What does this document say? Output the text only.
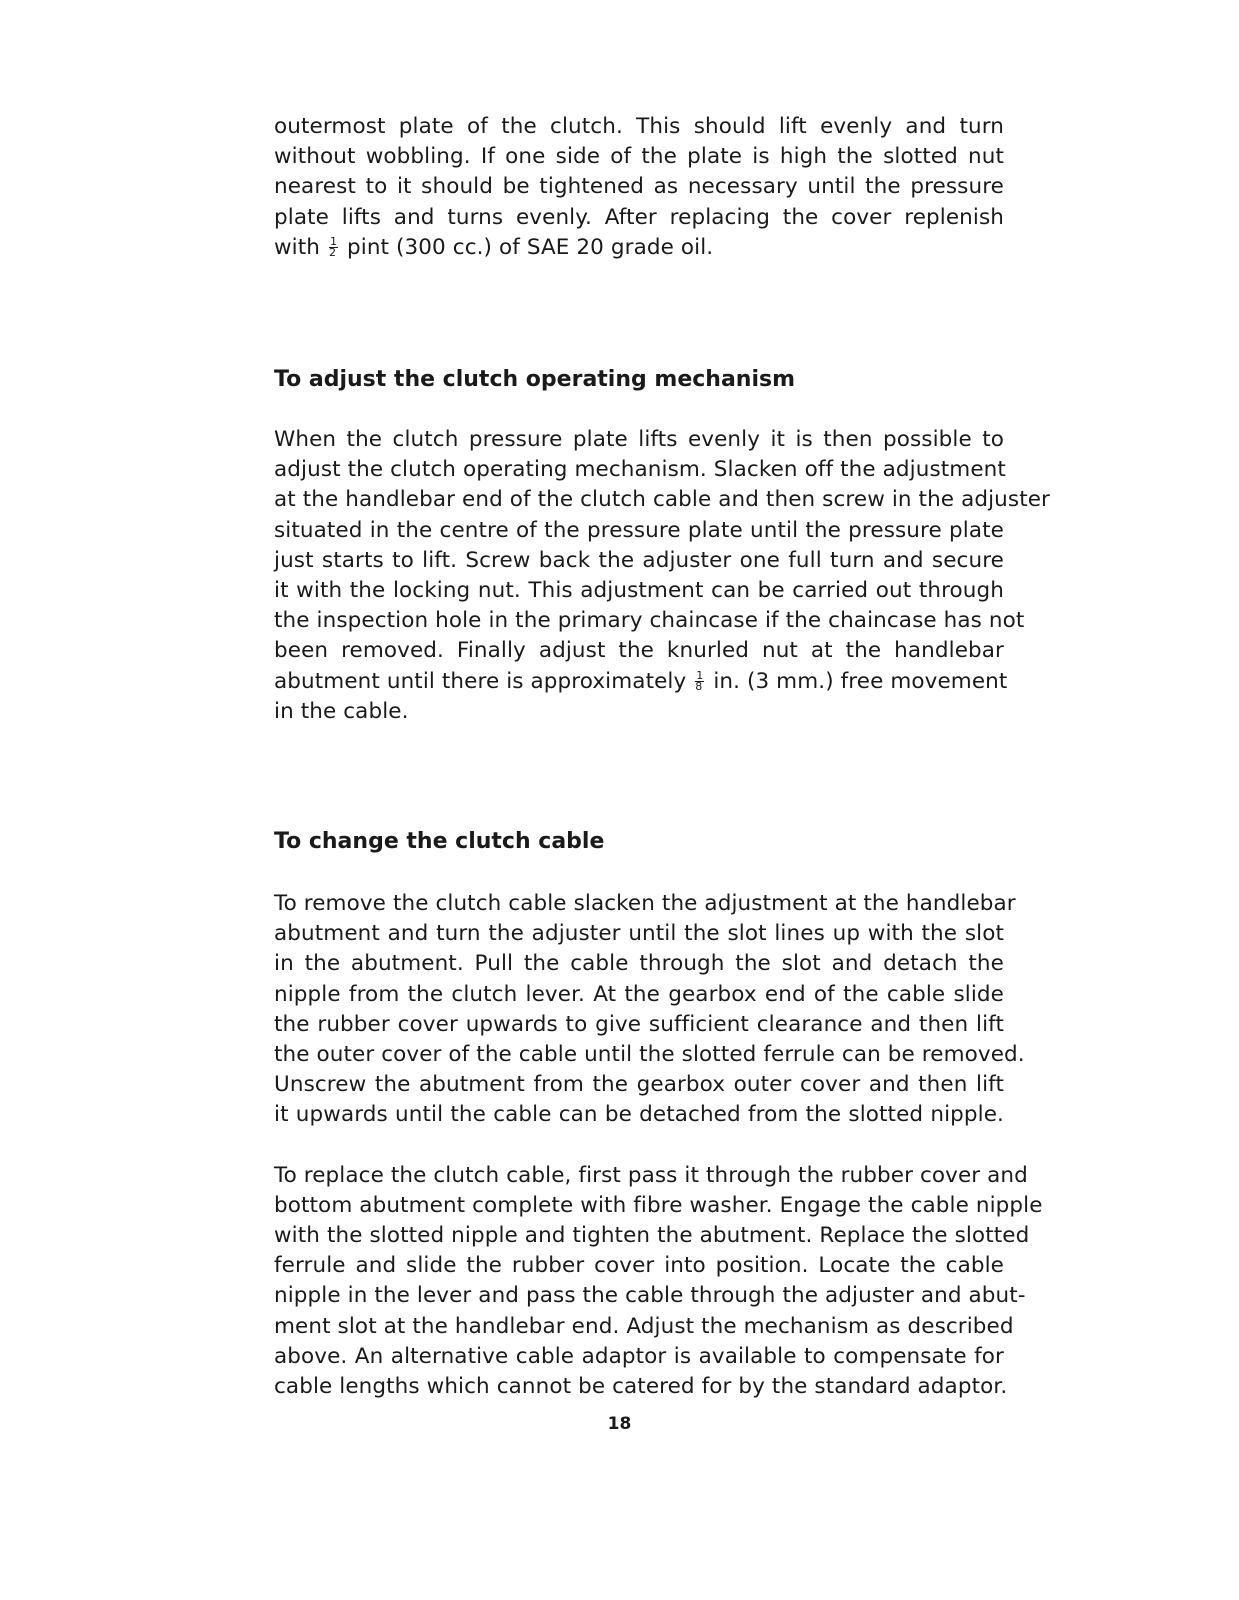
outermost plate of the clutch. This should lift evenly and turn
without wobbling. If one side of the plate is high the slotted nut
nearest to it should be tightened as necessary until the pressure
plate lifts and turns evenly. After replacing the cover replenish
with $\frac{1}{2}$ pint (300 cc.) of SAE 20 grade oil.
To adjust the clutch operating mechanism
When the clutch pressure plate lifts evenly it is then possible to
adjust the clutch operating mechanism. Slacken off the adjustment
at the handlebar end of the clutch cable and then screw in the adjuster
situated in the centre of the pressure plate until the pressure plate
just starts to lift. Screw back the adjuster one full turn and secure
it with the locking nut. This adjustment can be carried out through
the inspection hole in the primary chaincase if the chaincase has not
been removed. Finally adjust the knurled nut at the handlebar
abutment until there is approximately $\frac{1}{8}$ in. (3 mm.) free movement
in the cable.
To change the clutch cable
To remove the clutch cable slacken the adjustment at the handlebar
abutment and turn the adjuster until the slot lines up with the slot
in the abutment. Pull the cable through the slot and detach the
nipple from the clutch lever. At the gearbox end of the cable slide
the rubber cover upwards to give sufficient clearance and then lift
the outer cover of the cable until the slotted ferrule can be removed.
Unscrew the abutment from the gearbox outer cover and then lift
it upwards until the cable can be detached from the slotted nipple.
To replace the clutch cable, first pass it through the rubber cover and
bottom abutment complete with fibre washer. Engage the cable nipple
with the slotted nipple and tighten the abutment. Replace the slotted
ferrule and slide the rubber cover into position. Locate the cable
nipple in the lever and pass the cable through the adjuster and abut-
ment slot at the handlebar end. Adjust the mechanism as described
above. An alternative cable adaptor is available to compensate for
cable lengths which cannot be catered for by the standard adaptor.
18
